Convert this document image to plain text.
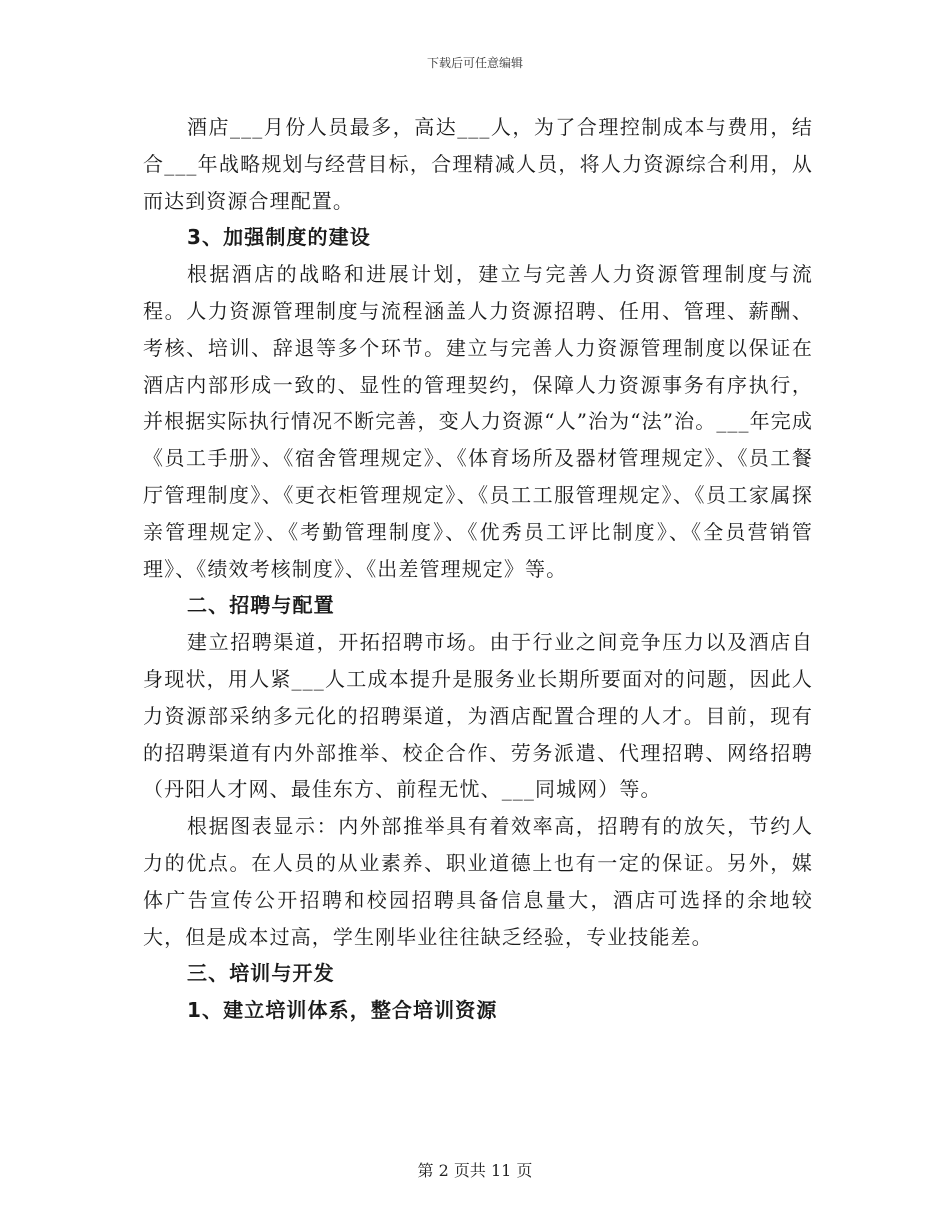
下载后可任意编辑

酒店___月份人员最多，高达___人，为了合理控制成本与费用，结合___年战略规划与经营目标，合理精减人员，将人力资源综合利用，从而达到资源合理配置。

3、加强制度的建设

根据酒店的战略和进展计划，建立与完善人力资源管理制度与流程。人力资源管理制度与流程涵盖人力资源招聘、任用、管理、薪酬、考核、培训、辞退等多个环节。建立与完善人力资源管理制度以保证在酒店内部形成一致的、显性的管理契约，保障人力资源事务有序执行，并根据实际执行情况不断完善，变人力资源“人”治为“法”治。___年完成《员工手册》、《宿舍管理规定》、《体育场所及器材管理规定》、《员工餐厅管理制度》、《更衣柜管理规定》、《员工工服管理规定》、《员工家属探亲管理规定》、《考勤管理制度》、《优秀员工评比制度》、《全员营销管理》、《绩效考核制度》、《出差管理规定》等。

二、招聘与配置

建立招聘渠道，开拓招聘市场。由于行业之间竞争压力以及酒店自身现状，用人紧___人工成本提升是服务业长期所要面对的问题，因此人力资源部采纳多元化的招聘渠道，为酒店配置合理的人才。目前，现有的招聘渠道有内外部推举、校企合作、劳务派遣、代理招聘、网络招聘（丹阳人才网、最佳东方、前程无忧、___同城网）等。

根据图表显示：内外部推举具有着效率高，招聘有的放矢，节约人力的优点。在人员的从业素养、职业道德上也有一定的保证。另外，媒体广告宣传公开招聘和校园招聘具备信息量大，酒店可选择的余地较大，但是成本过高，学生刚毕业往往缺乏经验，专业技能差。

三、培训与开发

1、建立培训体系，整合培训资源

第 2 页共 11 页
